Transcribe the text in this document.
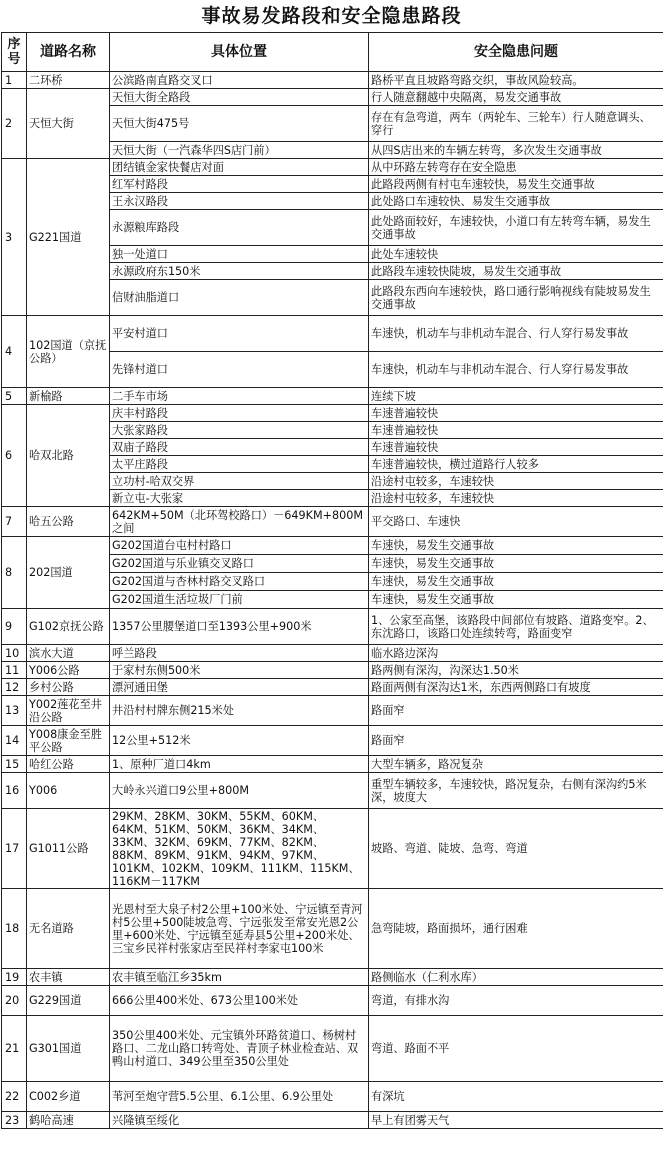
事故易发路段和安全隐患路段
序号	道路名称	具体位置	安全隐患问题
1	二环桥	公滨路南直路交叉口	路桥平直且坡路弯路交织，事故风险较高。
2	天恒大街	天恒大街全路段	行人随意翻越中央隔离，易发交通事故
		天恒大街475号	存在有急弯道，两车（两轮车、三轮车）行人随意调头、穿行
		天恒大街（一汽森华四S店门前）	从四S店出来的车辆左转弯，多次发生交通事故
3	G221国道	团结镇金家快餐店对面	从中环路左转弯存在安全隐患
		红军村路段	此路段两侧有村屯车速较快，易发生交通事故
		王永汉路段	此处路口车速较快、易发生交通事故
		永源粮库路段	此处路面较好，车速较快，小道口有左转弯车辆，易发生交通事故
		独一处道口	此处车速较快
		永源政府东150米	此路段车速较快陡坡，易发生交通事故
		信财油脂道口	此路段东西向车速较快，路口通行影响视线有陡坡易发生交通事故
4	102国道（京抚公路）	平安村道口	车速快，机动车与非机动车混合、行人穿行易发事故
		先锋村道口	车速快，机动车与非机动车混合、行人穿行易发事故
5	新榆路	二手车市场	连续下坡
6	哈双北路	庆丰村路段	车速普遍较快
		大张家路段	车速普遍较快
		双庙子路段	车速普遍较快
		太平庄路段	车速普遍较快，横过道路行人较多
		立功村-哈双交界	沿途村屯较多，车速较快
		新立屯-大张家	沿途村屯较多，车速较快
7	哈五公路	642KM+50M（北环驾校路口）－649KM+800M之间	平交路口、车速快
8	202国道	G202国道台屯村村路口	车速快，易发生交通事故
		G202国道与乐业镇交叉路口	车速快，易发生交通事故
		G202国道与杏林村路交叉路口	车速快，易发生交通事故
		G202国道生活垃圾厂门前	车速快，易发生交通事故
9	G102京抚公路	1357公里腰堡道口至1393公里+900米	1、公家至高堡，该路段中间部位有坡路、道路变窄。2、东沈路口，该路口处连续转弯，路面变窄
10	滨水大道	呼兰路段	临水路边深沟
11	Y006公路	于家村东侧500米	路两侧有深沟，沟深达1.50米
12	乡村公路	漂河通田堡	路面两侧有深沟达1米，东西两侧路口有坡度
13	Y002莲花至井沿公路	井沿村村牌东侧215米处	路面窄
14	Y008康金至胜平公路	12公里+512米	路面窄
15	哈红公路	1、原种厂道口4km	大型车辆多，路况复杂
16	Y006	大岭永兴道口9公里+800M	重型车辆较多，车速较快，路况复杂，右侧有深沟约5米深，坡度大
17	G1011公路	29KM、28KM、30KM、55KM、60KM、64KM、51KM、50KM、36KM、34KM、33KM、32KM、69KM、77KM、82KM、88KM、89KM、91KM、94KM、97KM、101KM、102KM、109KM、111KM、115KM、116KM－117KM	坡路、弯道、陡坡、急弯、弯道
18	无名道路	光恩村至大泉子村2公里+100米处、宁远镇至青河村5公里+500陡坡急弯、宁远张发至常安光恩2公里+600米处、宁远镇至延寿县5公里+200米处、三宝乡民祥村张家店至民祥村李家屯100米	急弯陡坡，路面损坏，通行困难
19	农丰镇	农丰镇至临江乡35km	路侧临水（仁利水库）
20	G229国道	666公里400米处、673公里100米处	弯道，有排水沟
21	G301国道	350公里400米处、元宝镇外环路贫道口、杨树村路口、二龙山路口转弯处、青顶子林业检查站、双鸭山村道口、349公里至350公里处	弯道、路面不平
22	C002乡道	苇河至炮守营5.5公里、6.1公里、6.9公里处	有深坑
23	鹤哈高速	兴隆镇至绥化	早上有团雾天气
